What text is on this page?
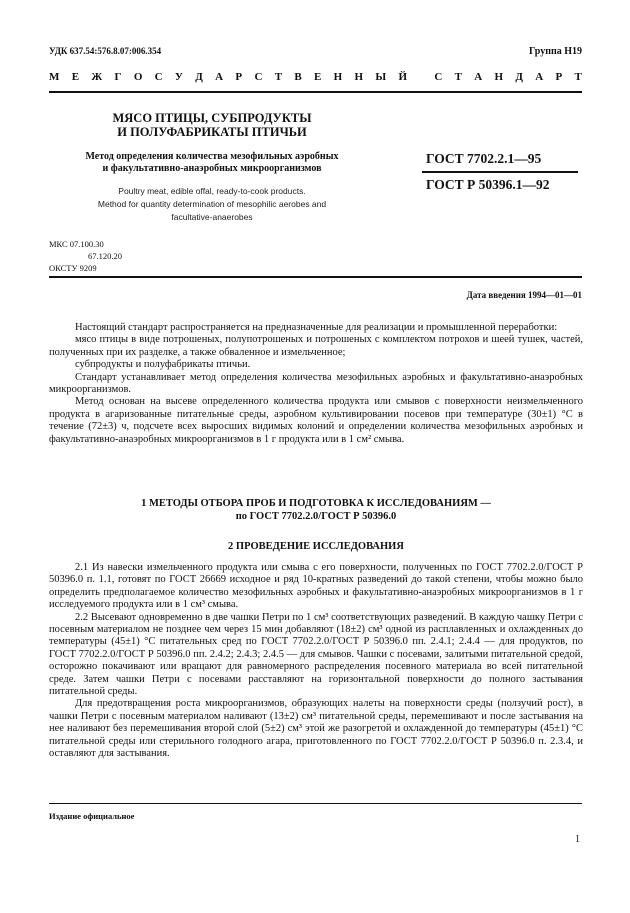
УДК 637.54:576.8.07:006.354	Группа H19
М Е Ж Г О С У Д А Р С Т В Е Н Н Ы Й
С Т А Н Д А Р Т
МЯСО ПТИЦЫ, СУБПРОДУКТЫ
И ПОЛУФАБРИКАТЫ ПТИЧЬИ
Метод определения количества мезофильных аэробных
и факультативно-анаэробных микроорганизмов
Poultry meat, edible offal, ready-to-cook products.
Method for quantity determination of mesophilic aerobes and
facultative-anaerobes
ГОСТ 7702.2.1—95
ГОСТ Р 50396.1—92
МКС 07.100.30
67.120.20
ОКСТУ 9209
Дата введения 1994—01—01

Настоящий стандарт распространяется на предназначенные для реализации и промышленной переработки:

мясо птицы в виде потрошеных, полупотрошеных и потрошеных с комплектом потрохов и шеей тушек, частей, полученных при их разделке, а также обваленное и измельченное;

субпродукты и полуфабрикаты птичьи.

Стандарт устанавливает метод определения количества мезофильных аэробных и факультативно-анаэробных микроорганизмов.

Метод основан на высеве определенного количества продукта или смывов с поверхности неизмельченного продукта в агаризованные питательные среды, аэробном культивировании посевов при температуре (30±1) °С в течение (72±3) ч, подсчете всех выросших видимых колоний и определении количества мезофильных аэробных и факультативно-анаэробных микроорганизмов в 1 г продукта или в 1 см² смыва.

1 МЕТОДЫ ОТБОРА ПРОБ И ПОДГОТОВКА К ИССЛЕДОВАНИЯМ —
по ГОСТ 7702.2.0/ГОСТ Р 50396.0
2 ПРОВЕДЕНИЕ ИССЛЕДОВАНИЯ

2.1 Из навески измельченного продукта или смыва с его поверхности, полученных по ГОСТ 7702.2.0/ГОСТ Р 50396.0 п. 1.1, готовят по ГОСТ 26669 исходное и ряд 10-кратных разведений до такой степени, чтобы можно было определить предполагаемое количество мезофильных аэробных и факультативно-анаэробных микроорганизмов в 1 г исследуемого продукта или в 1 см³ смыва.

2.2 Высевают одновременно в две чашки Петри по 1 см³ соответствующих разведений. В каждую чашку Петри с посевным материалом не позднее чем через 15 мин добавляют (18±2) см³ одной из расплавленных и охлажденных до температуры (45±1) °С питательных сред по ГОСТ 7702.2.0/ГОСТ Р 50396.0 пп. 2.4.1; 2.4.4 — для продуктов, по ГОСТ 7702.2.0/ГОСТ Р 50396.0 пп. 2.4.2; 2.4.3; 2.4.5 — для смывов. Чашки с посевами, залитыми питательной средой, осторожно покачивают или вращают для равномерного распределения посевного материала во всей питательной среде. Затем чашки Петри с посевами расставляют на горизонтальной поверхности до полного застывания питательной среды.

Для предотвращения роста микроорганизмов, образующих налеты на поверхности среды (ползучий рост), в чашки Петри с посевным материалом наливают (13±2) см³ питательной среды, перемешивают и после застывания на нее наливают без перемешивания второй слой (5±2) см³ этой же разогретой и охлажденной до температуры (45±1) °С питательной среды или стерильного голодного агара, приготовленного по ГОСТ 7702.2.0/ГОСТ Р 50396.0 п. 2.3.4, и оставляют для застывания.

Издание официальное
1
